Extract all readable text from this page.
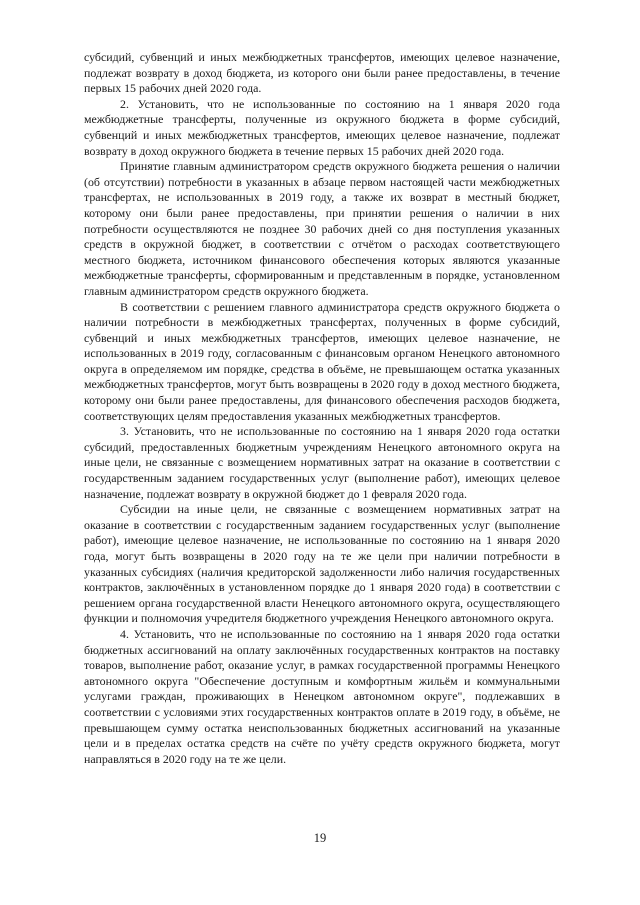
субсидий, субвенций и иных межбюджетных трансфертов, имеющих целевое назначение, подлежат возврату в доход бюджета, из которого они были ранее предоставлены, в течение первых 15 рабочих дней 2020 года.

2. Установить, что не использованные по состоянию на 1 января 2020 года межбюджетные трансферты, полученные из окружного бюджета в форме субсидий, субвенций и иных межбюджетных трансфертов, имеющих целевое назначение, подлежат возврату в доход окружного бюджета в течение первых 15 рабочих дней 2020 года.

Принятие главным администратором средств окружного бюджета решения о наличии (об отсутствии) потребности в указанных в абзаце первом настоящей части межбюджетных трансфертах, не использованных в 2019 году, а также их возврат в местный бюджет, которому они были ранее предоставлены, при принятии решения о наличии в них потребности осуществляются не позднее 30 рабочих дней со дня поступления указанных средств в окружной бюджет, в соответствии с отчётом о расходах соответствующего местного бюджета, источником финансового обеспечения которых являются указанные межбюджетные трансферты, сформированным и представленным в порядке, установленном главным администратором средств окружного бюджета.

В соответствии с решением главного администратора средств окружного бюджета о наличии потребности в межбюджетных трансфертах, полученных в форме субсидий, субвенций и иных межбюджетных трансфертов, имеющих целевое назначение, не использованных в 2019 году, согласованным с финансовым органом Ненецкого автономного округа в определяемом им порядке, средства в объёме, не превышающем остатка указанных межбюджетных трансфертов, могут быть возвращены в 2020 году в доход местного бюджета, которому они были ранее предоставлены, для финансового обеспечения расходов бюджета, соответствующих целям предоставления указанных межбюджетных трансфертов.

3. Установить, что не использованные по состоянию на 1 января 2020 года остатки субсидий, предоставленных бюджетным учреждениям Ненецкого автономного округа на иные цели, не связанные с возмещением нормативных затрат на оказание в соответствии с государственным заданием государственных услуг (выполнение работ), имеющих целевое назначение, подлежат возврату в окружной бюджет до 1 февраля 2020 года.

Субсидии на иные цели, не связанные с возмещением нормативных затрат на оказание в соответствии с государственным заданием государственных услуг (выполнение работ), имеющие целевое назначение, не использованные по состоянию на 1 января 2020 года, могут быть возвращены в 2020 году на те же цели при наличии потребности в указанных субсидиях (наличия кредиторской задолженности либо наличия государственных контрактов, заключённых в установленном порядке до 1 января 2020 года) в соответствии с решением органа государственной власти Ненецкого автономного округа, осуществляющего функции и полномочия учредителя бюджетного учреждения Ненецкого автономного округа.

4. Установить, что не использованные по состоянию на 1 января 2020 года остатки бюджетных ассигнований на оплату заключённых государственных контрактов на поставку товаров, выполнение работ, оказание услуг, в рамках государственной программы Ненецкого автономного округа "Обеспечение доступным и комфортным жильём и коммунальными услугами граждан, проживающих в Ненецком автономном округе", подлежавших в соответствии с условиями этих государственных контрактов оплате в 2019 году, в объёме, не превышающем сумму остатка неиспользованных бюджетных ассигнований на указанные цели и в пределах остатка средств на счёте по учёту средств окружного бюджета, могут направляться в 2020 году на те же цели.

19
